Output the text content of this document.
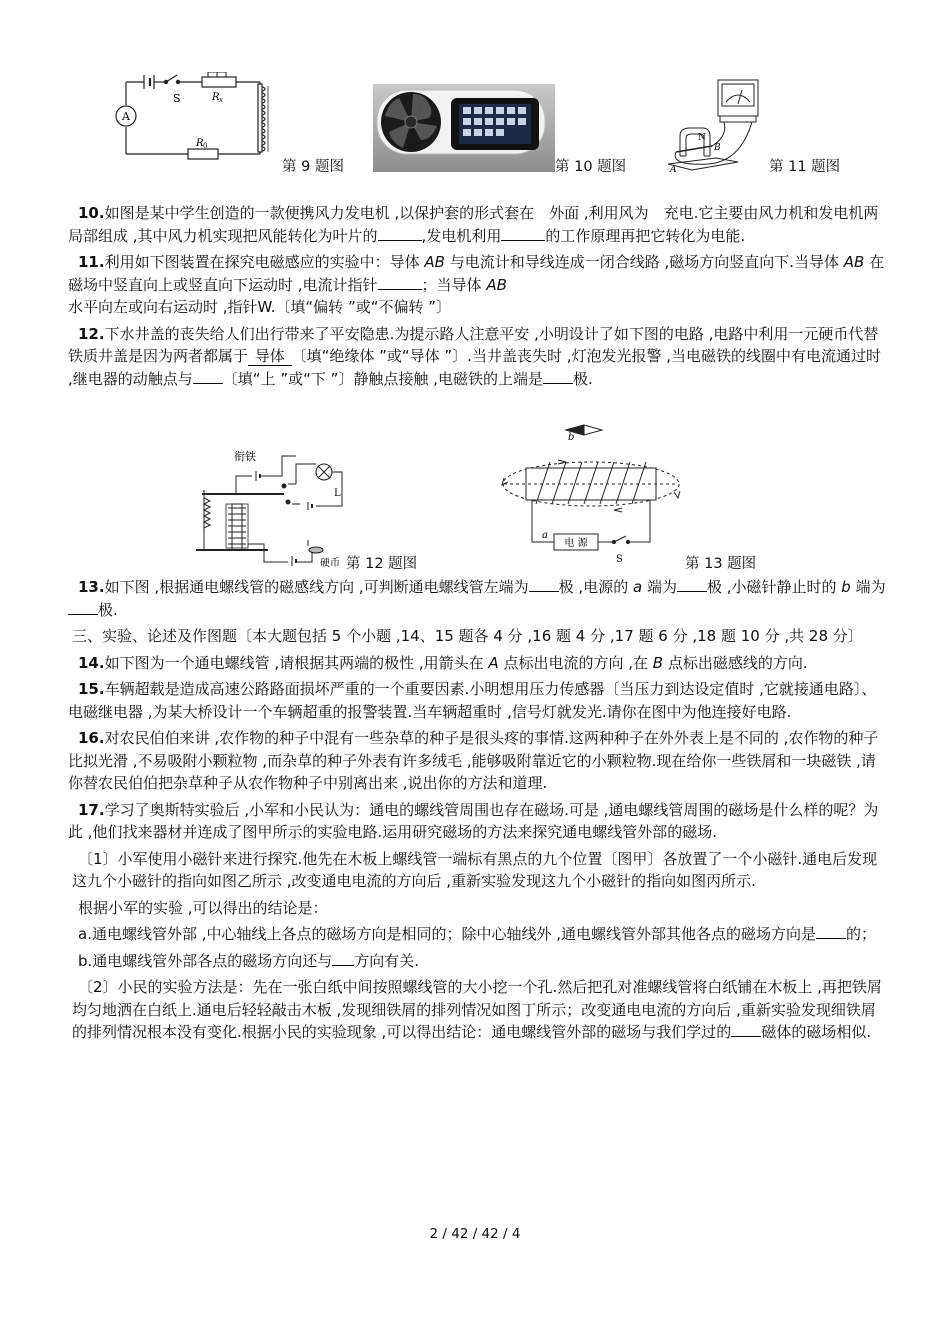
A
S	R x
R 0
第 9 题图	第 10 题图
N
B
A	第 11 题图

10.如图是某中学生创造的一款便携风力发电机 ,以保护套的形式套在　外面 ,利用风为　充电.它主要由风力机和发电机两局部组成 ,其中风力机实现把风能转化为叶片的	,发电机利用	的工作原理再把它转化为电能.

11.利用如下图装置在探究电磁感应的实验中：导体 AB 与电流计和导线连成一闭合线路 ,磁场方向竖直向下.当导体 AB 在磁场中竖直向上或竖直向下运动时 ,电流计指针	；当导体 AB 水平向左或向右运动时 ,指针W.〔填“偏转 ”或“不偏转 ”〕

12.下水井盖的丧失给人们出行带来了平安隐患.为提示路人注意平安 ,小明设计了如下图的电路 ,电路中利用一元硬币代替铁质井盖是因为两者都属于 导体 〔填“绝缘体 ”或“导体 ”〕.当井盖丧失时 ,灯泡发光报警 ,当电磁铁的线圈中有电流通过时 ,继电器的动触点与 〔填“上 ”或“下 ”〕静触点接触 ,电磁铁的上端是 极.

衔铁
L
硬币 第 12 题图
b
a
电 源
S	第 13 题图

13.如下图 ,根据通电螺线管的磁感线方向 ,可判断通电螺线管左端为 极 ,电源的 a 端为 极 ,小磁针静止时的 b 端为极.

三、实验、论述及作图题〔本大题包括 5 个小题 ,14、15 题各 4 分 ,16 题 4 分 ,17 题 6 分 ,18 题 10 分 ,共 28 分〕

14.如下图为一个通电螺线管 ,请根据其两端的极性 ,用箭头在 A 点标出电流的方向 ,在 B 点标出磁感线的方向.

15.车辆超载是造成高速公路路面损坏严重的一个重要因素.小明想用压力传感器〔当压力到达设定值时 ,它就接通电路〕、电磁继电器 ,为某大桥设计一个车辆超重的报警装置.当车辆超重时 ,信号灯就发光.请你在图中为他连接好电路.

16.对农民伯伯来讲 ,农作物的种子中混有一些杂草的种子是很头疼的事情.这两种种子在外外表上是不同的 ,农作物的种子比拟光滑 ,不易吸附小颗粒物 ,而杂草的种子外表有许多绒毛 ,能够吸附靠近它的小颗粒物.现在给你一些铁屑和一块磁铁 ,请你替农民伯伯把杂草种子从农作物种子中别离出来 ,说出你的方法和道理.

17.学习了奥斯特实验后 ,小军和小民认为：通电的螺线管周围也存在磁场.可是 ,通电螺线管周围的磁场是什么样的呢？为此 ,他们找来器材并连成了图甲所示的实验电路.运用研究磁场的方法来探究通电螺线管外部的磁场.

〔1〕小军使用小磁针来进行探究.他先在木板上螺线管一端标有黑点的九个位置〔图甲〕各放置了一个小磁针.通电后发现这九个小磁针的指向如图乙所示 ,改变通电电流的方向后 ,重新实验发现这九个小磁针的指向如图丙所示.

根据小军的实验 ,可以得出的结论是：

a.通电螺线管外部 ,中心轴线上各点的磁场方向是相同的；除中心轴线外 ,通电螺线管外部其他各点的磁场方向是 的；

b.通电螺线管外部各点的磁场方向还与 方向有关.

〔2〕小民的实验方法是：先在一张白纸中间按照螺线管的大小挖一个孔.然后把孔对准螺线管将白纸铺在木板上 ,再把铁屑均匀地洒在白纸上.通电后轻轻敲击木板 ,发现细铁屑的排列情况如图丁所示；改变通电电流的方向后 ,重新实验发现细铁屑的排列情况根本没有变化.根据小民的实验现象 ,可以得出结论：通电螺线管外部的磁场与我们学过的 磁体的磁场相似.

2 / 42 / 42 / 4
